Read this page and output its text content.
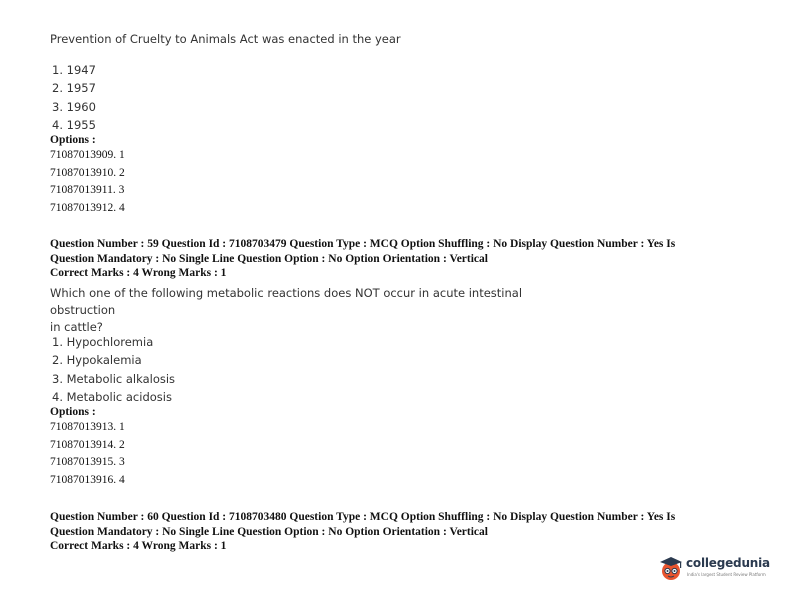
Prevention of Cruelty to Animals Act was enacted in the year
1. 1947
2. 1957
3. 1960
4. 1955
Options :
71087013909. 1
71087013910. 2
71087013911. 3
71087013912. 4
Question Number : 59 Question Id : 7108703479 Question Type : MCQ Option Shuffling : No Display Question Number : Yes Is
Question Mandatory : No Single Line Question Option : No Option Orientation : Vertical
Correct Marks : 4 Wrong Marks : 1
Which one of the following metabolic reactions does NOT occur in acute intestinal obstruction
in cattle?
1. Hypochloremia
2. Hypokalemia
3. Metabolic alkalosis
4. Metabolic acidosis
Options :
71087013913. 1
71087013914. 2
71087013915. 3
71087013916. 4
Question Number : 60 Question Id : 7108703480 Question Type : MCQ Option Shuffling : No Display Question Number : Yes Is
Question Mandatory : No Single Line Question Option : No Option Orientation : Vertical
Correct Marks : 4 Wrong Marks : 1
collegedunia
India's largest Student Review Platform
